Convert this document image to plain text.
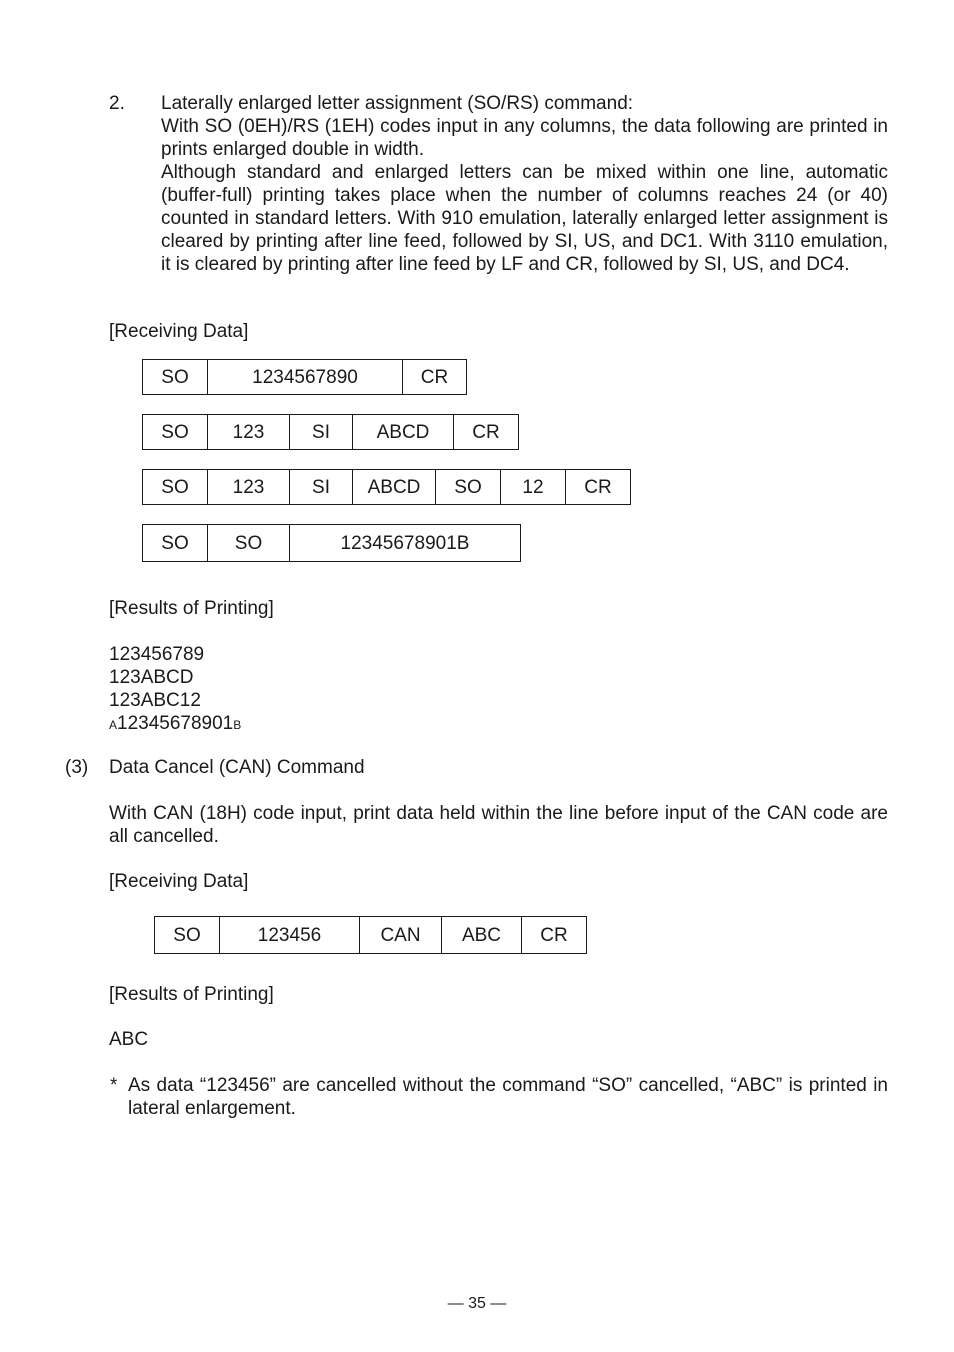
2. Laterally enlarged letter assignment (SO/RS) command:
With SO (0EH)/RS (1EH) codes input in any columns, the data following are printed in prints enlarged double in width.
Although standard and enlarged letters can be mixed within one line, automatic (buffer-full) printing takes place when the number of columns reaches 24 (or 40) counted in standard letters. With 910 emulation, laterally enlarged letter assignment is cleared by printing after line feed, followed by SI, US, and DC1. With 3110 emulation, it is cleared by printing after line feed by LF and CR, followed by SI, US, and DC4.
[Receiving Data]
SO	1234567890	CR
SO	123	SI	ABCD	CR
SO	123	SI	ABCD	SO	12	CR
SO	SO	12345678901B
[Results of Printing]
123456789
123ABCD
123ABC12
A12345678901B
(3) Data Cancel (CAN) Command
With CAN (18H) code input, print data held within the line before input of the CAN code are all cancelled.
[Receiving Data]
SO	123456	CAN	ABC	CR
[Results of Printing]
ABC
* As data “123456” are cancelled without the command “SO” cancelled, “ABC” is printed in lateral enlargement.
— 35 —
